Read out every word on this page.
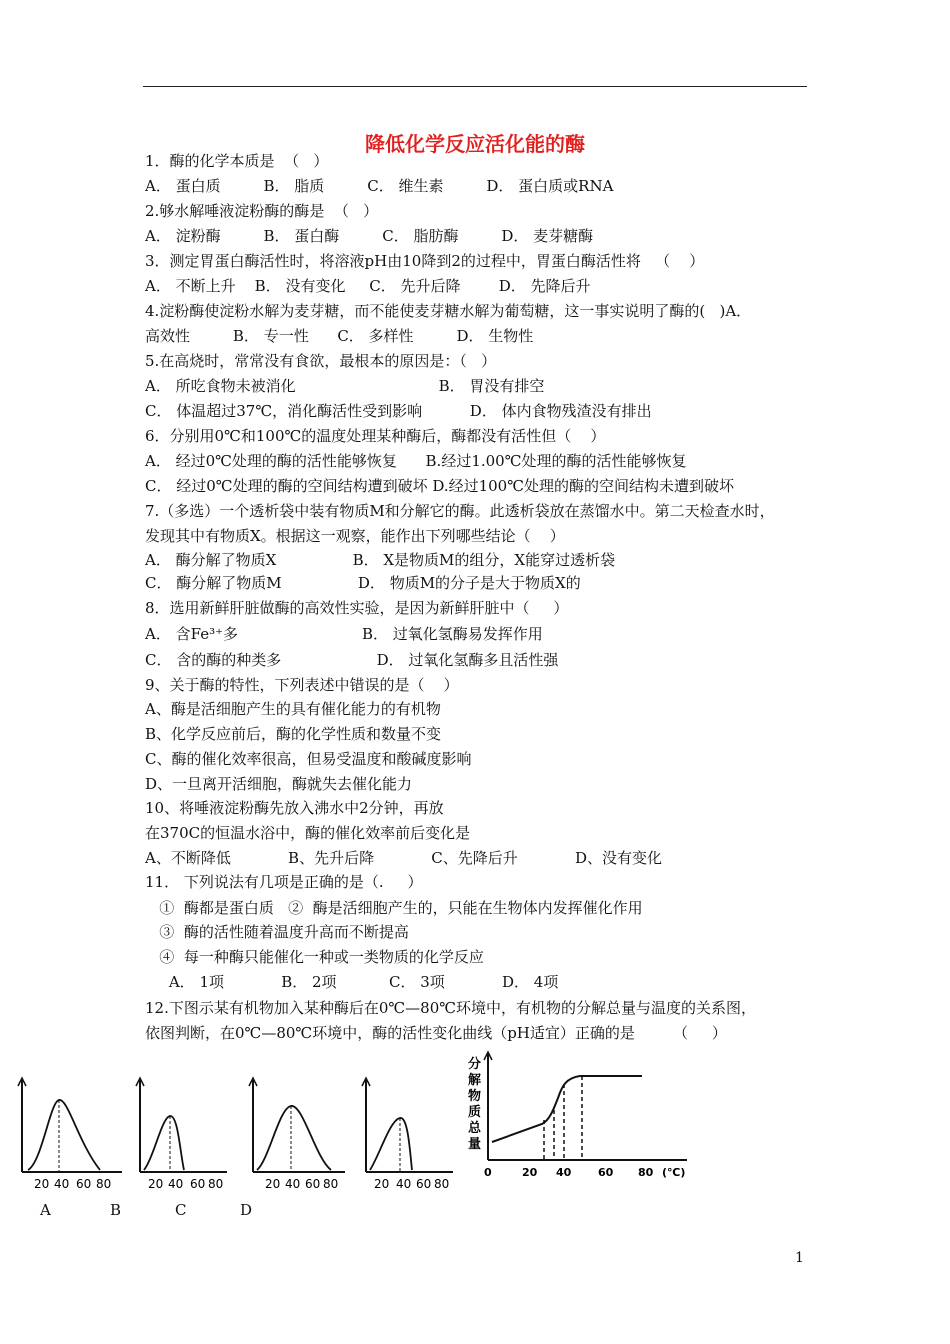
降低化学反应活化能的酶
1．酶的化学本质是  （   ）
A． 蛋白质         B． 脂质         C． 维生素         D． 蛋白质或RNA
2.够水解唾液淀粉酶的酶是  （   ）
A． 淀粉酶         B． 蛋白酶         C． 脂肪酶         D． 麦芽糖酶
3．测定胃蛋白酶活性时，将溶液pH由10降到2的过程中，胃蛋白酶活性将   （    ）
A． 不断上升    B． 没有变化     C． 先升后降        D． 先降后升
4.淀粉酶使淀粉水解为麦芽糖，而不能使麦芽糖水解为葡萄糖，这一事实说明了酶的(   )A．
高效性         B． 专一性      C． 多样性         D． 生物性
5.在高烧时，常常没有食欲，最根本的原因是：（   ）
A． 所吃食物未被消化                              B． 胃没有排空
C． 体温超过37℃，消化酶活性受到影响          D． 体内食物残渣没有排出
6．分别用0℃和100℃的温度处理某种酶后，酶都没有活性但（    ）
A． 经过0℃处理的酶的活性能够恢复      B.经过1.00℃处理的酶的活性能够恢复
C． 经过0℃处理的酶的空间结构遭到破坏 D.经过100℃处理的酶的空间结构未遭到破坏
7.（多选）一个透析袋中装有物质M和分解它的酶。此透析袋放在蒸馏水中。第二天检查水时，
发现其中有物质X。根据这一观察，能作出下列哪些结论（    ）
A． 酶分解了物质X                B． X是物质M的组分，X能穿过透析袋
C． 酶分解了物质M                D． 物质M的分子是大于物质X的
8．选用新鲜肝脏做酶的高效性实验，是因为新鲜肝脏中（     ）
A． 含Fe³⁺多                          B． 过氧化氢酶易发挥作用
C． 含的酶的种类多                    D． 过氧化氢酶多且活性强
9、关于酶的特性，下列表述中错误的是（    ）
A、酶是活细胞产生的具有催化能力的有机物
B、化学反应前后，酶的化学性质和数量不变
C、酶的催化效率很高，但易受温度和酸碱度影响
D、一旦离开活细胞，酶就失去催化能力
10、将唾液淀粉酶先放入沸水中2分钟，再放
在370C的恒温水浴中，酶的催化效率前后变化是
A、不断降低            B、先升后降            C、先降后升            D、没有变化
11． 下列说法有几项是正确的是（.     ）
①  酶都是蛋白质   ②  酶是活细胞产生的，只能在生物体内发挥催化作用
③  酶的活性随着温度升高而不断提高
④  每一种酶只能催化一种或一类物质的化学反应
A． 1项            B． 2项           C． 3项            D． 4项
12.下图示某有机物加入某种酶后在0℃—80℃环境中，有机物的分解总量与温度的关系图，
依图判断，在0℃—80℃环境中，酶的活性变化曲线（pH适宜）正确的是        （     ）
20 40 60 80	20 40 60 80	20 40 60 80	20 40 60 80
A	B	C	D
分
解
物
质
总
量
0	20 40 60 80 (℃)
1
